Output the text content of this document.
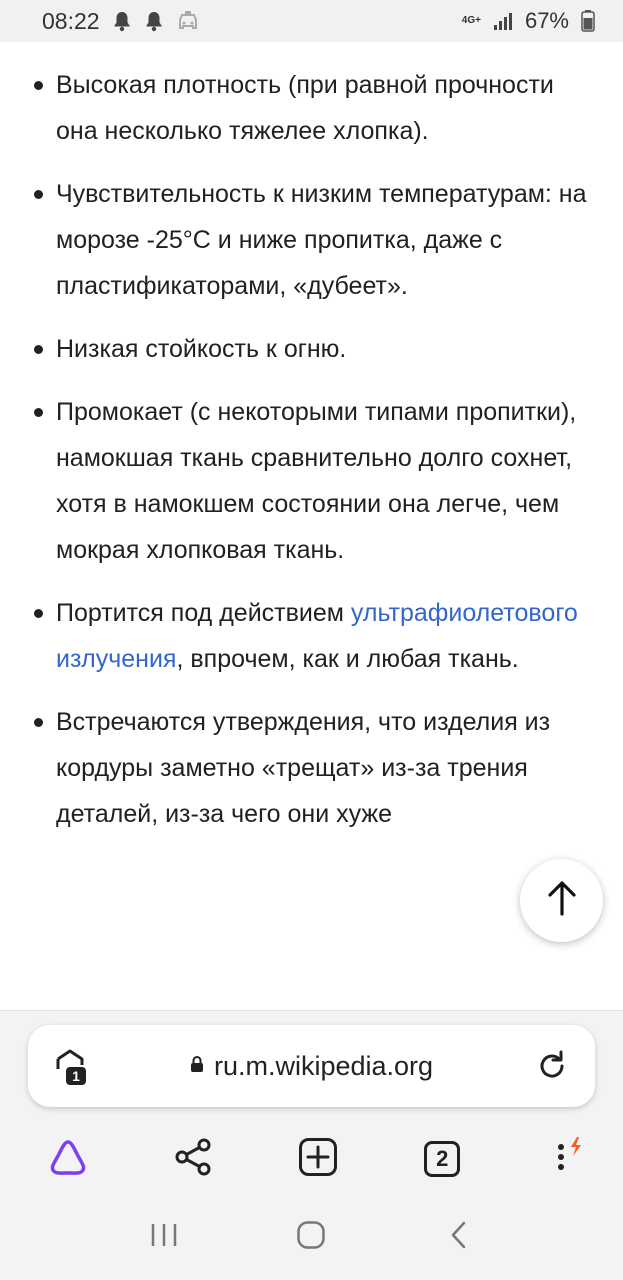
08:22	4G+ 67%
Высокая плотность (при равной прочности она несколько тяжелее хлопка).
Чувствительность к низким температурам: на морозе -25°C и ниже пропитка, даже с пластификаторами, «дубеет».
Низкая стойкость к огню.
Промокает (с некоторыми типами пропитки), намокшая ткань сравнительно долго сохнет, хотя в намокшем состоянии она легче, чем мокрая хлопковая ткань.
Портится под действием ультрафиолетового излучения, впрочем, как и любая ткань.
Встречаются утверждения, что изделия из кордуры заметно «трещат» из-за трения деталей, из-за чего они хуже
1	ru.m.wikipedia.org
2
